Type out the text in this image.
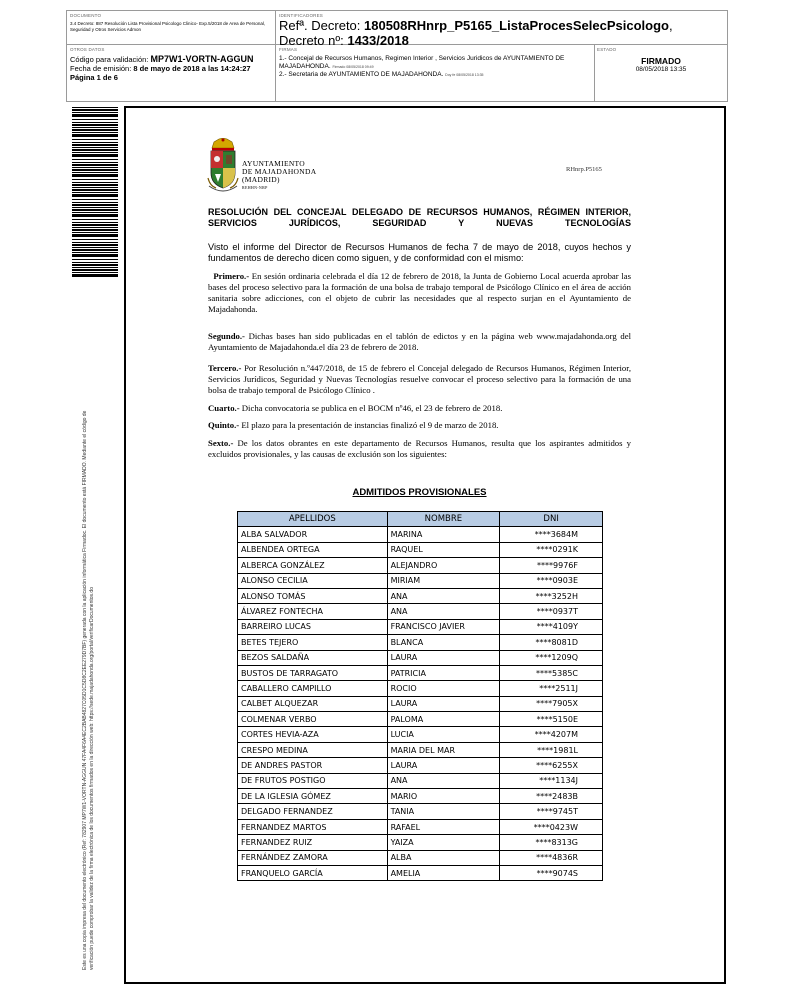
DOCUMENTO
3.4 Decreto: 887 Resolución Lista Provisional Psicologo Clinico- Exp.5/2018 de Area de Personal, Seguridad y Otros Servicios Admon
IDENTIFICADORES
Refª. Decreto: 180508RHnrp_P5165_ListaProcesSelecPsicologo,
Decreto nº: 1433/2018
OTROS DATOS
Código para validación: MP7W1-VORTN-AGGUN
Fecha de emisión: 8 de mayo de 2018 a las 14:24:27
Página 1 de 6
FIRMAS
1.- Concejal de Recursos Humanos, Regimen Interior , Servicios Juridicos de AYUNTAMIENTO DE MAJADAHONDA. Firmado 08/05/2018 09:49
2.- Secretaria de AYUNTAMIENTO DE MAJADAHONDA. Doy fe 08/05/2018 13:35
ESTADO
FIRMADO
08/05/2018 13:35
Este es una copia impresa del documento electrónico (Ref: 782907 MP7W1-VORTN-AGGUN 47FA4F6A4EC2BAB4827C05D1C5D8C2EE279D7BF) generada con la aplicación informática Firmadoc. El documento está FIRMADO. Mediante el código de verificación puede comprobar la validez de la firma electrónica de los documentos firmados en la dirección web: https://sede.majadahonda.org/portal/verificarDocumentos.do
AYUNTAMIENTO
DE MAJADAHONDA
(MADRID)
REHHN-NRP
RHnrp.P5165
RESOLUCIÓN DEL CONCEJAL DELEGADO DE RECURSOS HUMANOS, RÉGIMEN INTERIOR, SERVICIOS JURÍDICOS, SEGURIDAD Y NUEVAS TECNOLOGÍAS
Visto el informe del Director de Recursos Humanos de fecha 7 de mayo de 2018, cuyos hechos y fundamentos de derecho dicen como siguen, y de conformidad con el mismo:
Primero.- En sesión ordinaria celebrada el día 12 de febrero de 2018, la Junta de Gobierno Local acuerda aprobar las bases del proceso selectivo para la formación de una bolsa de trabajo temporal de Psicólogo Clínico en el área de acción sanitaria sobre adicciones, con el objeto de cubrir las necesidades que al respecto surjan en el Ayuntamiento de Majadahonda.
Segundo.- Dichas bases han sido publicadas en el tablón de edictos y en la página web www.majadahonda.org del Ayuntamiento de Majadahonda.el día 23 de febrero de 2018.
Tercero.- Por Resolución n.º447/2018, de 15 de febrero el Concejal delegado de Recursos Humanos, Régimen Interior, Servicios Jurídicos, Seguridad y Nuevas Tecnologías resuelve convocar el proceso selectivo para la formación de una bolsa de trabajo temporal de Psicólogo Clínico .
Cuarto.- Dicha convocatoria se publica en el BOCM nº46, el 23 de febrero de 2018.
Quinto.- El plazo para la presentación de instancias finalizó el 9 de marzo de 2018.
Sexto.- De los datos obrantes en este departamento de Recursos Humanos, resulta que los aspirantes admitidos y excluidos provisionales, y las causas de exclusión son los siguientes:
ADMITIDOS PROVISIONALES
APELLIDOS	NOMBRE	DNI
ALBA SALVADOR	MARINA	****3684M
ALBENDEA ORTEGA	RAQUEL	****0291K
ALBERCA GONZÁLEZ	ALEJANDRO	****9976F
ALONSO CECILIA	MIRIAM	****0903E
ALONSO TOMÁS	ANA	****3252H
ÁLVAREZ FONTECHA	ANA	****0937T
BARREIRO LUCAS	FRANCISCO JAVIER	****4109Y
BETES TEJERO	BLANCA	****8081D
BEZOS SALDAÑA	LAURA	****1209Q
BUSTOS DE TARRAGATO	PATRICIA	****5385C
CABALLERO CAMPILLO	ROCIO	****2511J
CALBET ALQUEZAR	LAURA	****7905X
COLMENAR VERBO	PALOMA	****5150E
CORTES HEVIA-AZA	LUCIA	****4207M
CRESPO MEDINA	MARIA DEL MAR	****1981L
DE ANDRES PASTOR	LAURA	****6255X
DE FRUTOS POSTIGO	ANA	****1134J
DE LA IGLESIA GÓMEZ	MARIO	****2483B
DELGADO FERNANDEZ	TANIA	****9745T
FERNANDEZ MARTOS	RAFAEL	****0423W
FERNANDEZ RUIZ	YAIZA	****8313G
FERNÁNDEZ ZAMORA	ALBA	****4836R
FRANQUELO GARCÍA	AMELIA	****9074S
